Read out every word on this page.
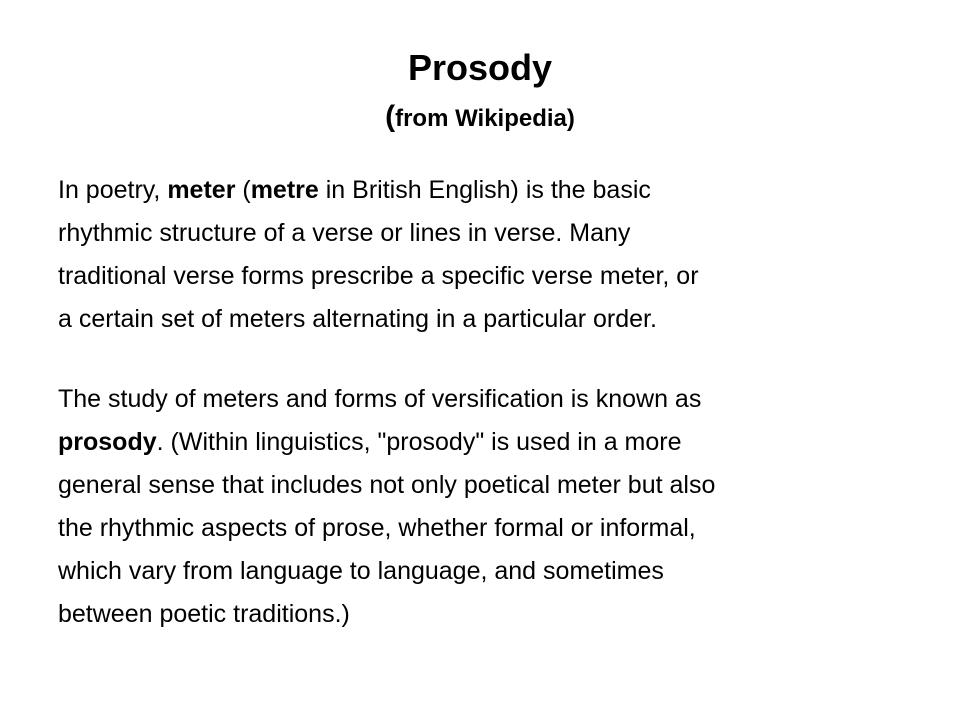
Prosody
(from Wikipedia)
In poetry, meter (metre in British English) is the basic
rhythmic structure of a verse or lines in verse. Many
traditional verse forms prescribe a specific verse meter, or
a certain set of meters alternating in a particular order.
The study of meters and forms of versification is known as
prosody. (Within linguistics, "prosody" is used in a more
general sense that includes not only poetical meter but also
the rhythmic aspects of prose, whether formal or informal,
which vary from language to language, and sometimes
between poetic traditions.)
